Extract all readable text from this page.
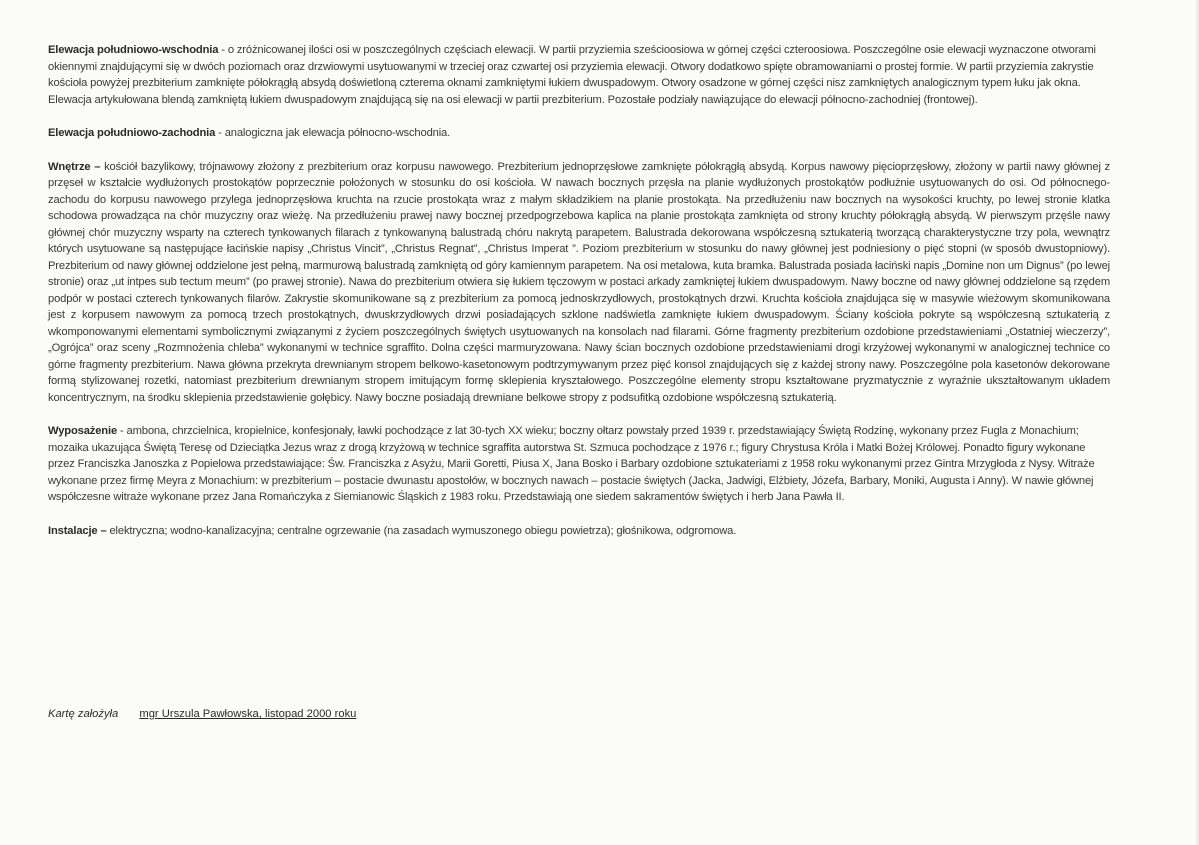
Elewacja południowo-wschodnia - o zróżnicowanej ilości osi w poszczególnych częściach elewacji. W partii przyziemia sześcioosiowa w górnej części czteroosiowa. Poszczególne osie elewacji wyznaczone otworami okiennymi znajdującymi się w dwóch poziomach oraz drzwiowymi usytuowanymi w trzeciej oraz czwartej osi przyziemia elewacji. Otwory dodatkowo spięte obramowaniami o prostej formie. W partii przyziemia zakrystie kościoła powyżej prezbiterium zamknięte półokrągłą absydą doświetloną czterema oknami zamkniętymi łukiem dwuspadowym. Otwory osadzone w górnej części nisz zamkniętych analogicznym typem łuku jak okna. Elewacja artykułowana blendą zamkniętą łukiem dwuspadowym znajdującą się na osi elewacji w partii prezbiterium. Pozostałe podziały nawiązujące do elewacji północno-zachodniej (frontowej).

Elewacja południowo-zachodnia - analogiczna jak elewacja północno-wschodnia.

Wnętrze – kościół bazylikowy, trójnawowy złożony z prezbiterium oraz korpusu nawowego. Prezbiterium jednoprzęsłowe zamknięte półokrągłą absydą. Korpus nawowy pięcioprzęsłowy, złożony w partii nawy głównej z przęseł w kształcie wydłużonych prostokątów poprzecznie położonych w stosunku do osi kościoła. W nawach bocznych przęsła na planie wydłużonych prostokątów podłużnie usytuowanych do osi. Od północnego-zachodu do korpusu nawowego przylega jednoprzęsłowa kruchta na rzucie prostokąta wraz z małym składzikiem na planie prostokąta. Na przedłużeniu naw bocznych na wysokości kruchty, po lewej stronie klatka schodowa prowadząca na chór muzyczny oraz wieżę. Na przedłużeniu prawej nawy bocznej przedpogrzebowa kaplica na planie prostokąta zamknięta od strony kruchty półokrągłą absydą. W pierwszym przęśle nawy głównej chór muzyczny wsparty na czterech tynkowanych filarach z tynkowanyną balustradą chóru nakrytą parapetem. Balustrada dekorowana współczesną sztukaterią tworzącą charakterystyczne trzy pola, wewnątrz których usytuowane są następujące łacińskie napisy „Christus Vincit”, „Christus Regnat”, „Christus Imperat ”. Poziom prezbiterium w stosunku do nawy głównej jest podniesiony o pięć stopni (w sposób dwustopniowy). Prezbiterium od nawy głównej oddzielone jest pełną, marmurową balustradą zamkniętą od góry kamiennym parapetem. Na osi metalowa, kuta bramka. Balustrada posiada łaciński napis „Domine non um Dignus” (po lewej stronie) oraz „ut intpes sub tectum meum” (po prawej stronie). Nawa do prezbiterium otwiera się łukiem tęczowym w postaci arkady zamkniętej łukiem dwuspadowym. Nawy boczne od nawy głównej oddzielone są rzędem podpór w postaci czterech tynkowanych filarów. Zakrystie skomunikowane są z prezbiterium za pomocą jednoskrzydłowych, prostokątnych drzwi. Kruchta kościoła znajdująca się w masywie wieżowym skomunikowana jest z korpusem nawowym za pomocą trzech prostokątnych, dwuskrzydłowych drzwi posiadających szklone nadświetla zamknięte łukiem dwuspadowym. Ściany kościoła pokryte są współczesną sztukaterią z wkomponowanymi elementami symbolicznymi związanymi z życiem poszczególnych świętych usytuowanych na konsolach nad filarami. Górne fragmenty prezbiterium ozdobione przedstawieniami „Ostatniej wieczerzy”, „Ogrójca” oraz sceny „Rozmnożenia chleba” wykonanymi w technice sgraffito. Dolna części marmuryzowana. Nawy ścian bocznych ozdobione przedstawieniami drogi krzyżowej wykonanymi w analogicznej technice co górne fragmenty prezbiterium. Nawa główna przekryta drewnianym stropem belkowo-kasetonowym podtrzymywanym przez pięć konsol znajdujących się z każdej strony nawy. Poszczególne pola kasetonów dekorowane formą stylizowanej rozetki, natomiast prezbiterium drewnianym stropem imitującym formę sklepienia kryształowego. Poszczególne elementy stropu kształtowane pryzmatycznie z wyraźnie ukształtowanym układem koncentrycznym, na środku sklepienia przedstawienie gołębicy. Nawy boczne posiadają drewniane belkowe stropy z podsufitką ozdobione współczesną sztukaterią.

Wyposażenie - ambona, chrzcielnica, kropielnice, konfesjonały, ławki pochodzące z lat 30-tych XX wieku; boczny ołtarz powstały przed 1939 r. przedstawiający Świętą Rodzinę, wykonany przez Fugla z Monachium; mozaika ukazująca Świętą Teresę od Dzieciątka Jezus wraz z drogą krzyżową w technice sgraffita autorstwa St. Szmuca pochodzące z 1976 r.; figury Chrystusa Króla i Matki Bożej Królowej. Ponadto figury wykonane przez Franciszka Janoszka z Popielowa przedstawiające: Św. Franciszka z Asyżu, Marii Goretti, Piusa X, Jana Bosko i Barbary ozdobione sztukateriami z 1958 roku wykonanymi przez Gintra Mrzygłoda z Nysy. Witraże wykonane przez firmę Meyra z Monachium: w prezbiterium – postacie dwunastu apostołów, w bocznych nawach – postacie świętych (Jacka, Jadwigi, Elżbiety, Józefa, Barbary, Moniki, Augusta i Anny). W nawie głównej współczesne witraże wykonane przez Jana Romańczyka z Siemianowic Śląskich z 1983 roku. Przedstawiają one siedem sakramentów świętych i herb Jana Pawła II.

Instalacje – elektryczna; wodno-kanalizacyjna; centralne ogrzewanie (na zasadach wymuszonego obiegu powietrza); głośnikowa, odgromowa.

Kartę założyła mgr Urszula Pawłowska, listopad 2000 roku
